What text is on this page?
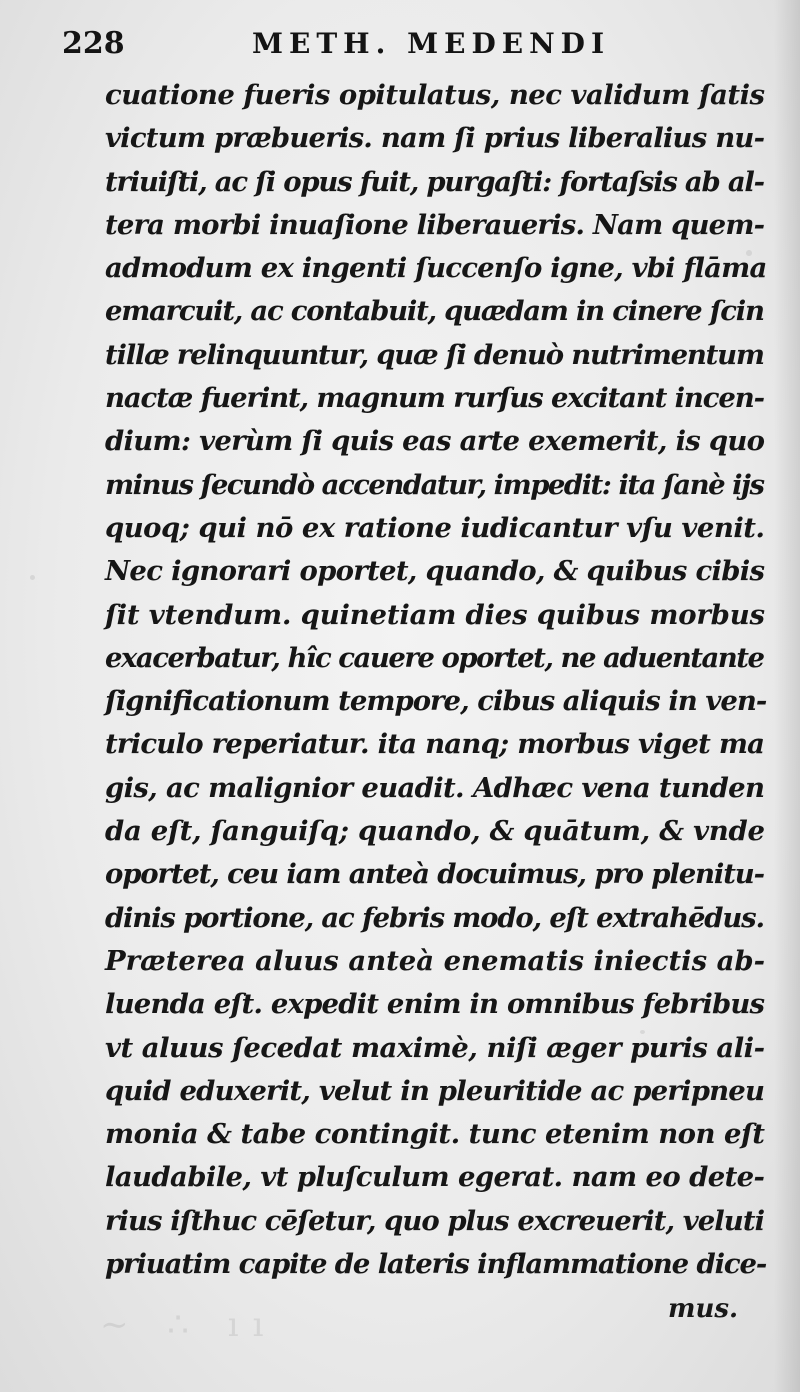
∼ ∴ ıı
228	METH. MEDENDI
cuatione fueris opitulatus, nec validum ſatis
victum præbueris. nam ſi prius liberalius nu-
triuiſti, ac ſi opus fuit, purgaſti: fortaſsis ab al-
tera morbi inuaſione liberaueris. Nam quem-
admodum ex ingenti ſuccenſo igne, vbi flāma
emarcuit, ac contabuit, quædam in cinere ſcin
tillæ relinquuntur, quæ ſi denuò nutrimentum
nactæ fuerint, magnum rurſus excitant incen-
dium: verùm ſi quis eas arte exemerit, is quo
minus ſecundò accendatur, impedit: ita ſanè ijs
quoq; qui nō ex ratione iudicantur vſu venit.
Nec ignorari oportet, quando, & quibus cibis
ſit vtendum. quinetiam dies quibus morbus
exacerbatur, hîc cauere oportet, ne aduentante
ſignificationum tempore, cibus aliquis in ven-
triculo reperiatur. ita nanq; morbus viget ma
gis, ac malignior euadit. Adhæc vena tunden
da eſt, ſanguiſq; quando, & quātum, & vnde
oportet, ceu iam anteà docuimus, pro plenitu-
dinis portione, ac febris modo, eſt extrahēdus.
Præterea aluus anteà enematis iniectis ab-
luenda eſt. expedit enim in omnibus febribus
vt aluus ſecedat maximè, niſi æger puris ali-
quid eduxerit, velut in pleuritide ac peripneu
monia & tabe contingit. tunc etenim non eſt
laudabile, vt pluſculum egerat. nam eo dete-
rius iſthuc cēſetur, quo plus excreuerit, veluti
priuatim capite de lateris inflammatione dice-
mus.
